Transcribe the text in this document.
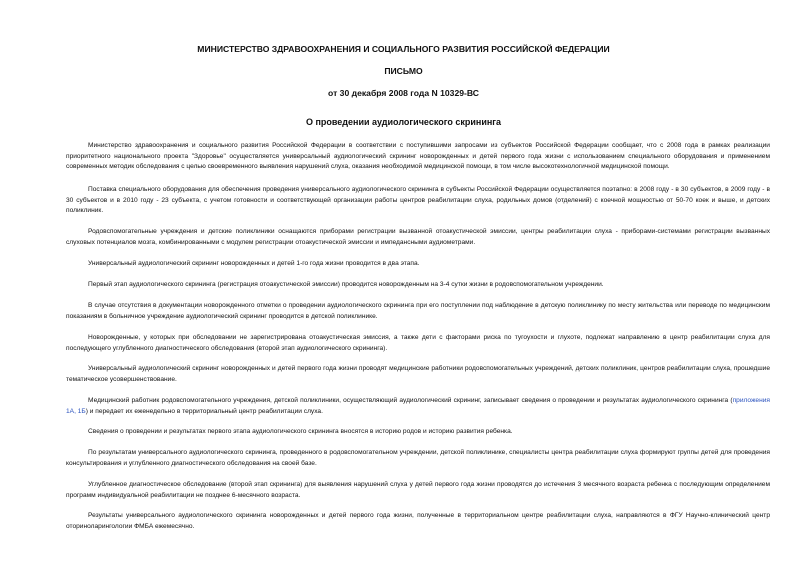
МИНИСТЕРСТВО ЗДРАВООХРАНЕНИЯ И СОЦИАЛЬНОГО РАЗВИТИЯ РОССИЙСКОЙ ФЕДЕРАЦИИ
ПИСЬМО
от 30 декабря 2008 года N 10329-ВС
О проведении аудиологического скрининга

Министерство здравоохранения и социального развития Российской Федерации в соответствии с поступившими запросами из субъектов Российской Федерации сообщает, что с 2008 года в рамках реализации приоритетного национального проекта "Здоровье" осуществляется универсальный аудиологический скрининг новорожденных и детей первого года жизни с использованием специального оборудования и применением современных методик обследования с целью своевременного выявления нарушений слуха, оказания необходимой медицинской помощи, в том числе высокотехнологичной медицинской помощи.

Поставка специального оборудования для обеспечения проведения универсального аудиологического скрининга в субъекты Российской Федерации осуществляется поэтапно: в 2008 году - в 30 субъектов, в 2009 году - в 30 субъектов и в 2010 году - 23 субъекта, с учетом готовности и соответствующей организации работы центров реабилитации слуха, родильных домов (отделений) с коечной мощностью от 50-70 коек и выше, и детских поликлиник.

Родовспомогательные учреждения и детские поликлиники оснащаются приборами регистрации вызванной отоакустической эмиссии, центры реабилитации слуха - приборами-системами регистрации вызванных слуховых потенциалов мозга, комбинированными с модулем регистрации отоакустической эмиссии и импедансными аудиометрами.

Универсальный аудиологический скрининг новорожденных и детей 1-го года жизни проводится в два этапа.

Первый этап аудиологического скрининга (регистрация отоакустической эмиссии) проводится новорожденным на 3-4 сутки жизни в родовспомогательном учреждении.

В случае отсутствия в документации новорожденного отметки о проведении аудиологического скрининга при его поступлении под наблюдение в детскую поликлинику по месту жительства или переводе по медицинским показаниям в больничное учреждение аудиологический скрининг проводится в детской поликлинике.

Новорожденные, у которых при обследовании не зарегистрирована отоакустическая эмиссия, а также дети с факторами риска по тугоухости и глухоте, подлежат направлению в центр реабилитации слуха для последующего углубленного диагностического обследования (второй этап аудиологического скрининга).

Универсальный аудиологический скрининг новорожденных и детей первого года жизни проводят медицинские работники родовспомогательных учреждений, детских поликлиник, центров реабилитации слуха, прошедшие тематическое усовершенствование.

Медицинский работник родовспомогательного учреждения, детской поликлиники, осуществляющий аудиологический скрининг, записывает сведения о проведении и результатах аудиологического скрининга (приложения 1А, 1Б) и передает их еженедельно в территориальный центр реабилитации слуха.

Сведения о проведении и результатах первого этапа аудиологического скрининга вносятся в историю родов и историю развития ребенка.

По результатам универсального аудиологического скрининга, проведенного в родовспомогательном учреждении, детской поликлинике, специалисты центра реабилитации слуха формируют группы детей для проведения консультирования и углубленного диагностического обследования на своей базе.

Углубленное диагностическое обследование (второй этап скрининга) для выявления нарушений слуха у детей первого года жизни проводятся до истечения 3 месячного возраста ребенка с последующим определением программ индивидуальной реабилитации не позднее 6-месячного возраста.

Результаты универсального аудиологического скрининга новорожденных и детей первого года жизни, полученные в территориальном центре реабилитации слуха, направляются в ФГУ Научно-клинический центр оториноларингологии ФМБА ежемесячно.
